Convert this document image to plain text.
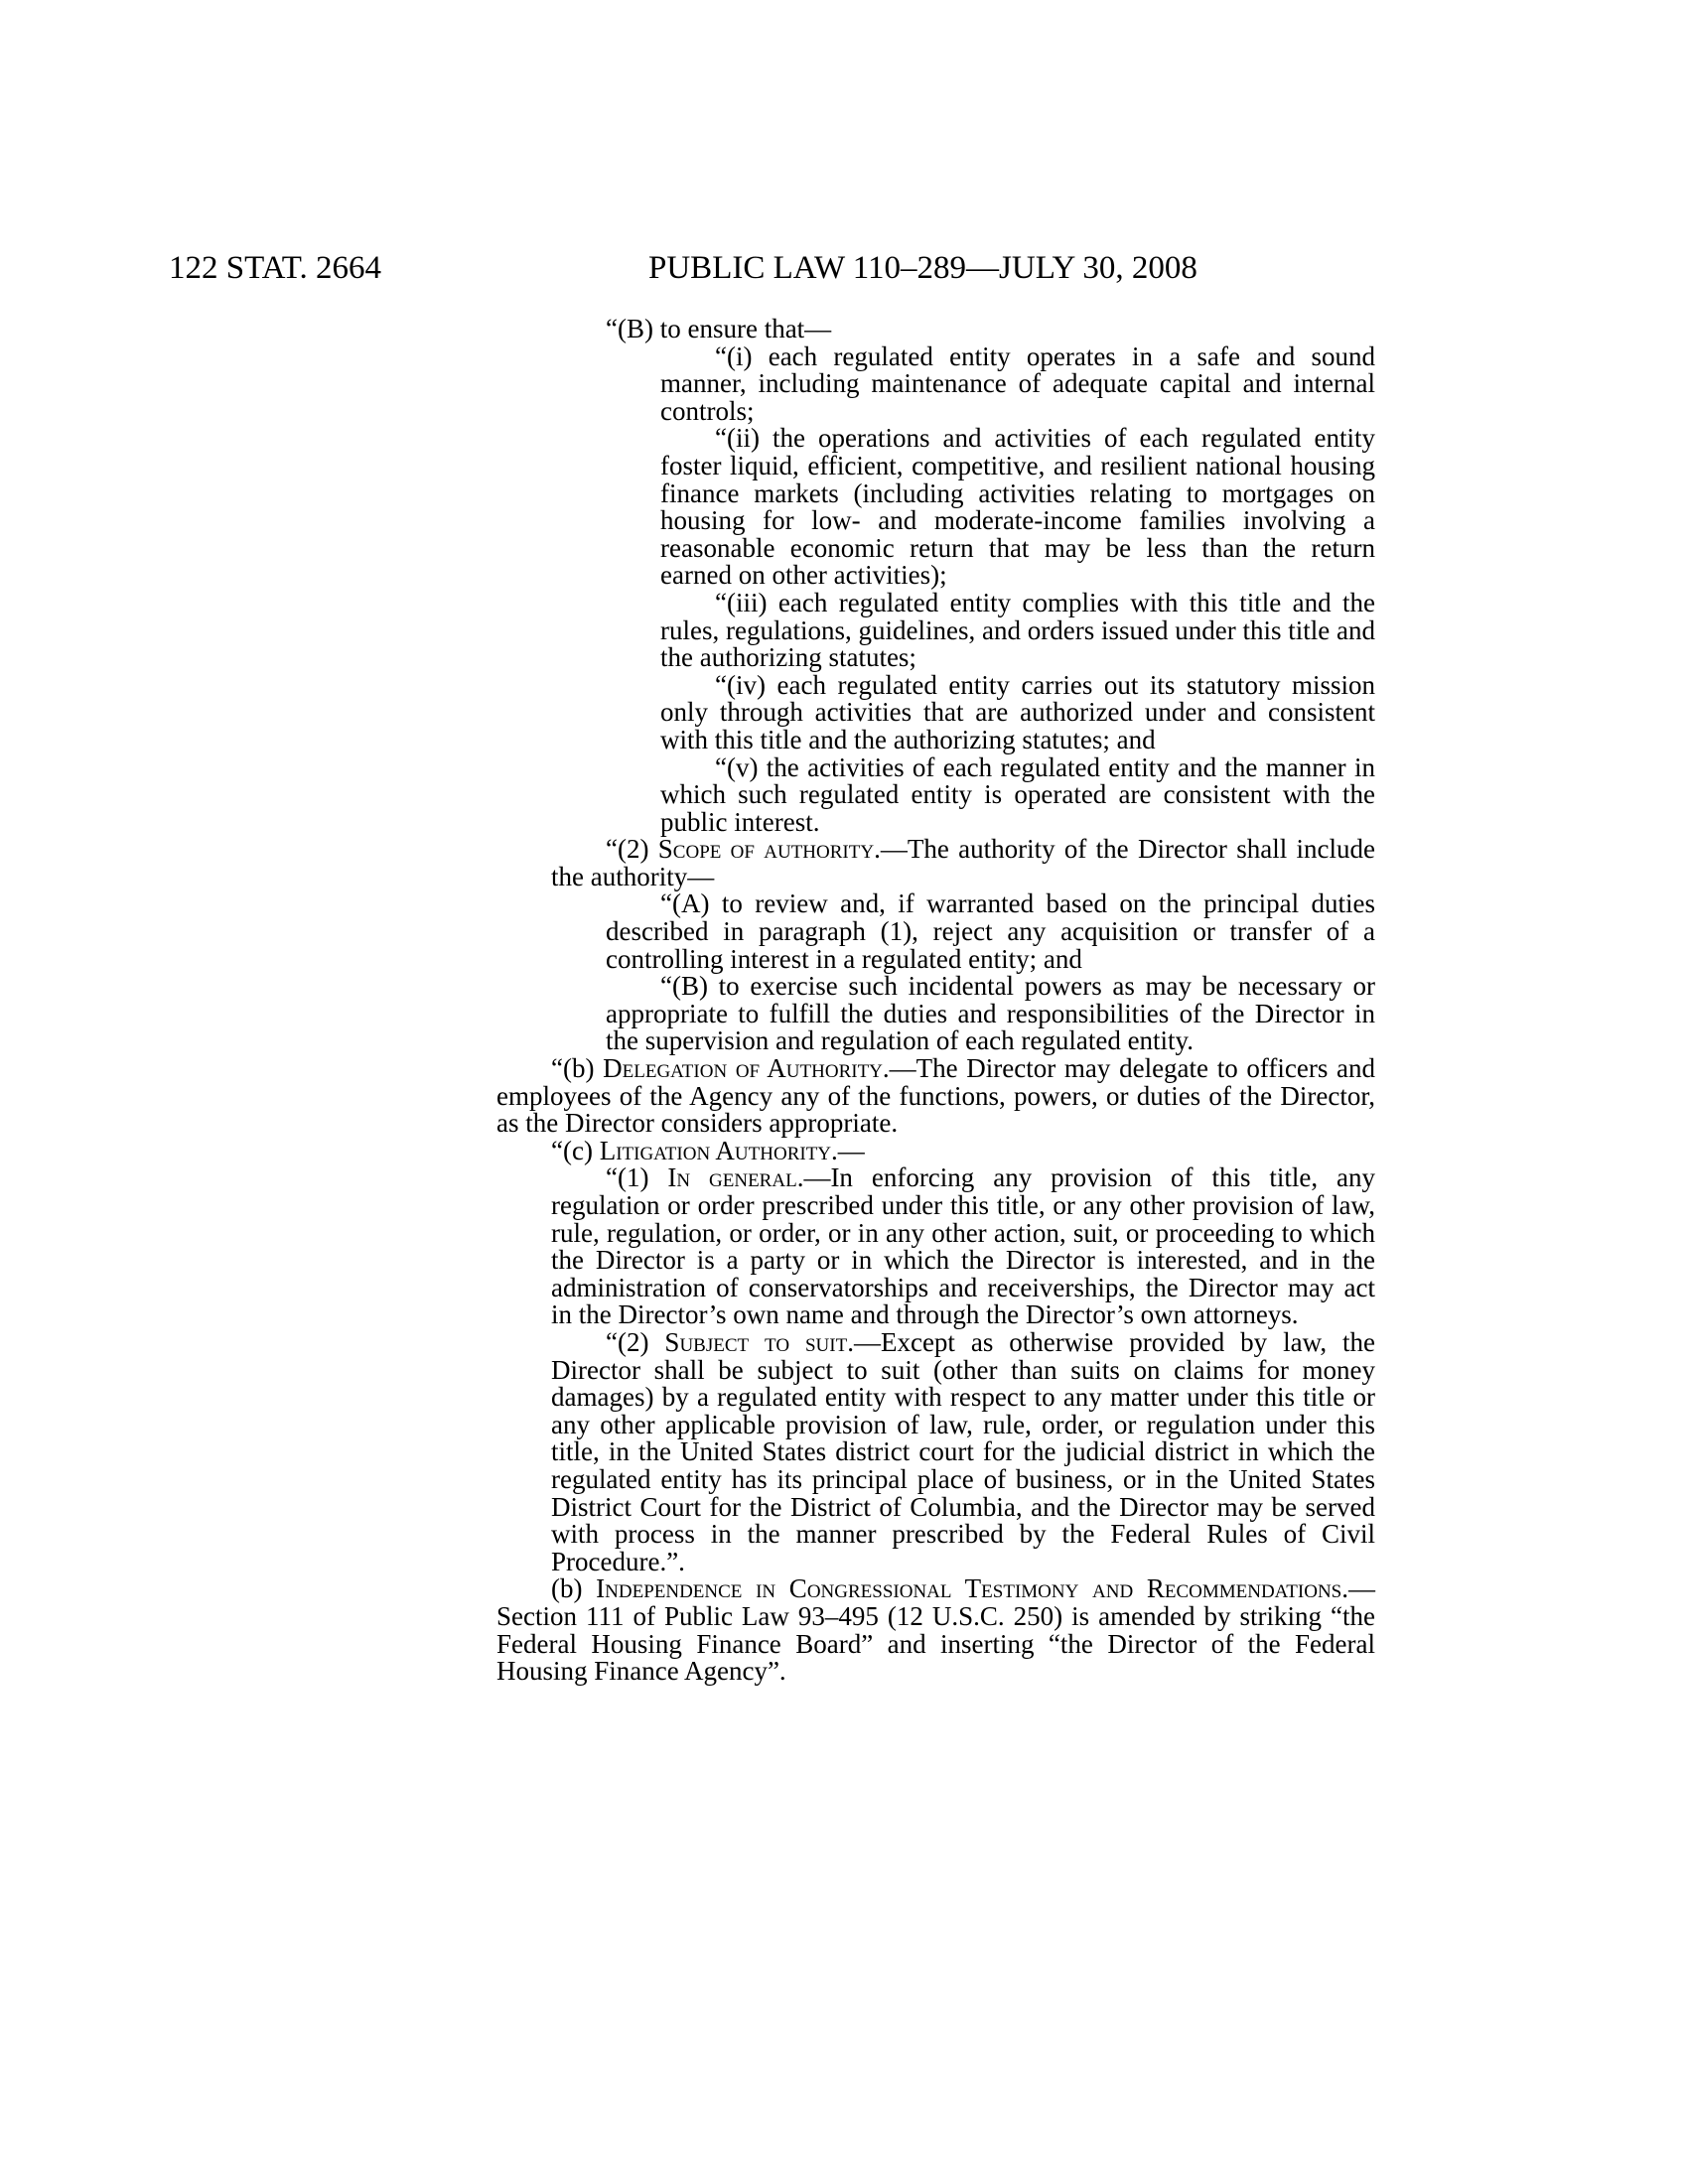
122 STAT. 2664	PUBLIC LAW 110–289—JULY 30, 2008

“(B) to ensure that—

“(i) each regulated entity operates in a safe and sound manner, including maintenance of adequate capital and internal controls;

“(ii) the operations and activities of each regulated entity foster liquid, efficient, competitive, and resilient national housing finance markets (including activities relating to mortgages on housing for low- and moderate-income families involving a reasonable economic return that may be less than the return earned on other activities);

“(iii) each regulated entity complies with this title and the rules, regulations, guidelines, and orders issued under this title and the authorizing statutes;

“(iv) each regulated entity carries out its statutory mission only through activities that are authorized under and consistent with this title and the authorizing statutes; and

“(v) the activities of each regulated entity and the manner in which such regulated entity is operated are consistent with the public interest.

“(2) Scope of authority.—The authority of the Director shall include the authority—

“(A) to review and, if warranted based on the principal duties described in paragraph (1), reject any acquisition or transfer of a controlling interest in a regulated entity; and

“(B) to exercise such incidental powers as may be necessary or appropriate to fulfill the duties and responsibilities of the Director in the supervision and regulation of each regulated entity.

“(b) Delegation of Authority.—The Director may delegate to officers and employees of the Agency any of the functions, powers, or duties of the Director, as the Director considers appropriate.

“(c) Litigation Authority.—

“(1) In general.—In enforcing any provision of this title, any regulation or order prescribed under this title, or any other provision of law, rule, regulation, or order, or in any other action, suit, or proceeding to which the Director is a party or in which the Director is interested, and in the administration of conservatorships and receiverships, the Director may act in the Director’s own name and through the Director’s own attorneys.

“(2) Subject to suit.—Except as otherwise provided by law, the Director shall be subject to suit (other than suits on claims for money damages) by a regulated entity with respect to any matter under this title or any other applicable provision of law, rule, order, or regulation under this title, in the United States district court for the judicial district in which the regulated entity has its principal place of business, or in the United States District Court for the District of Columbia, and the Director may be served with process in the manner prescribed by the Federal Rules of Civil Procedure.”.

(b) Independence in Congressional Testimony and Recommendations.—Section 111 of Public Law 93–495 (12 U.S.C. 250) is amended by striking “the Federal Housing Finance Board” and inserting “the Director of the Federal Housing Finance Agency”.
